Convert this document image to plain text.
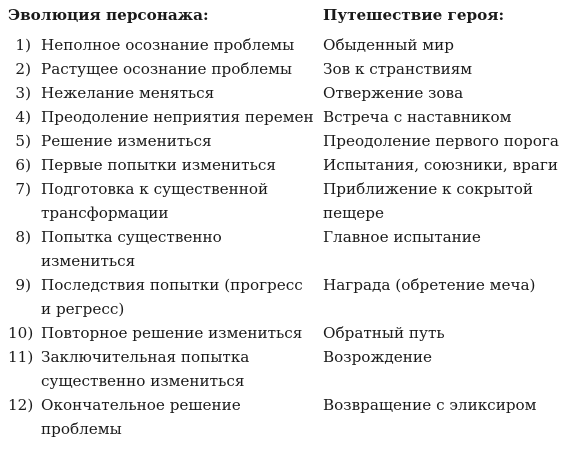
Эволюция персонажа:		Путешествие героя:
1)	Неполное осознание проблемы	Обыденный мир
2)	Растущее осознание проблемы	Зов к странствиям
3)	Нежелание меняться	Отвержение зова
4)	Преодоление неприятия перемен	Встреча с наставником
5)	Решение измениться	Преодоление первого порога
6)	Первые попытки измениться	Испытания, союзники, враги
7)	Подготовка к существенной трансформации	Приближение к сокрытой пещере
8)	Попытка существенно измениться	Главное испытание
9)	Последствия попытки (прогресс и регресс)	Награда (обретение меча)
10)	Повторное решение измениться	Обратный путь
11)	Заключительная попытка существенно измениться	Возрождение
12)	Окончательное решение проблемы	Возвращение с эликсиром
